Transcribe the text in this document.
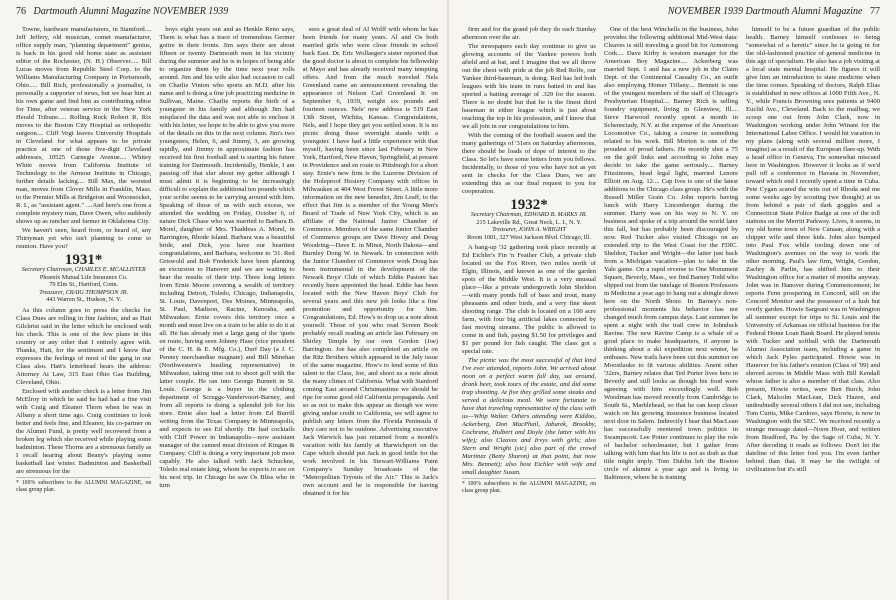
76 Dartmouth Alumni Magazine NOVEMBER 1939

Towne, hardware manufacturers, in Stamford.... Jeff Jeffery, old musician, comet manufacturer, office supply man, "planning department" genius, is back in his good old home state as assistant editor of the Rochester, (N. H.) Observer..... Bill Lucas moves from Republic Steel Corp. to the Williams Manufacturing Company in Portsmouth, Ohio..... Bill Rich, professionally a journalist, is personally a supporter of news, but we hear him at his own game and find him as contributing editor for Time, after veteran service in the New York Herald Tribune..... Rolling Rock Robert R. Rix moves to the Boston City Hospital as orthopedic surgeon.... Cliff Vogt leaves University Hospitals in Cleveland for what appears to be private practice at one of those five-digit Cleveland addresses, 10525 Carnegie Avenue.... Whitey White moves from California Institute of Technology to the Armour Institute in Chicago, further details lacking.... Bill Max, the worsted man, moves from Clover Mills in Franklin, Mass. to the Premier Mills at Bridgeton and Woonsocket, R. I., as "assistant agent." ....And here's one from a complete mystery man, Dave Owen, who suddenly shows up as rancher and farmer in Oklahoma City.

We haven't seen, heard from, or heard of, any Thirtyman yet who isn't planning to come to reunion. Have you?

1931*
Secretary Chairman, CHARLES E. MCALLISTER
Phoenix Mutual Life Insurance Co.
79 Elm St., Hartford, Conn.
Treasurer, CRAIG THOMPSON JR.
443 Warren St., Hudson, N. Y.

As this column goes to press the checks for Class Dues are rolling in fine fashion, and as Hatt Gilchrist said in the letter which he enclosed with his check. This is one of the few plans in this country or any other that I entirely agree with. Thanks, Hatt, for the sentiment and I know that expresses the feelings of most of the gang in our Class also. Hatt's letterhead bears the address: Attorney At Law, 315 East Ohio Gas Building, Cleveland, Ohio.

Enclosed with another check is a letter from Jim McElroy in which he said he had had a fine visit with Craig and Eleanor Thorn when he was in Albany a short time ago. Craig continues to look better and feels fine, and Eleanor, his co-partner on the Alumni Fund, is pretty well recovered from a broken leg which she received while playing some badminton. These Thorns are a strenuous family as I recall hearing about Beany's playing some basketball last winter. Badminton and Basketball are strenuous for the

* 100% subscribers to the ALUMNI MAGAZINE, on class group plan.

boys eight years out and as Henkle Reno says, Them is what has a trace of tremendous Germer goitre in their fronts. Jim says there are about fifteen or twenty Dartmouth men in his vicinity during the summer and he is in hopes of being able to organize them by the time next year rolls around. Jim and his wife also had occasion to call on Charlie Vinton who sports an M.D. after his name and is doing a fine job practicing medicine in Sullivan, Maine. Charlie reports the birth of a youngster in his family and although Jim had misplaced the data and was not able to enclose it with his letter, we hope to be able to give you more of the details on this in the next column. Jim's two youngsters, Helen, 6, and Jimmy, 3, are growing rapidly, and Jimmy in approximate fashion has received his first football and is starting his future training for Dartmouth. Incidentally, Henkle, I am passing off that slur about my getter although I must admit it is beginning to be increasingly difficult to explain the additional ten pounds which your scribe seems to be carrying around with him. Speaking of those of us with such excess, we attended the wedding on Friday, October 6, of nature Dick Chase who was married to Barbara B. Morel, daughter of Mrs. Thaddeus A. Morel, in Barrington, Rhode Island. Barbara was a beautiful bride, and Dick, you have our heartiest congratulations, and Barbara, welcome to '31. Red Griswold and Bob Frederick have been planning an excursion to Hanover and we are waiting to hear the results of their trip. Three long letters from Ernie Moore covering a wealth of territory including Detroit, Toledo, Chicago, Indianapolis, St. Louis, Davenport, Des Moines, Minneapolis, St. Paul, Madison, Racine, Kenosha, and Milwaukee. Ernie covers this territory once a month and must live on a train to be able to do it at all. He has already met a large gang of the 'quets en route, having seen Johnny Hase (vice president of the C. H. & E. Mfg. Co.), Durf Day (a J. C. Penney merchandise magnate) and Bill Minehan (Northwestern's hustling representative) in Milwaukee, taking time out to shoot golf with the latter couple. He ran into George Burnett in St. Louis. George is a buyer in the clothing department of Scruggs-Vandervoort-Barney, and from all reports is doing a splendid job for his store. Ernie also had a letter from Ed Burrill writing from the Texas Company in Minneapolis, and expects to see Ed shortly. He had cocktails with Cliff Power in Indianapolis—now assistant manager of the canned meat division of Kingan & Company. Cliff is doing a very important job most capably. He also talked with Jack Schuckne, Toledo real estate king, whom he expects to see on his next trip. In Chicago he saw Os Bliss who in turn

sees a great deal of Al Wolff with whom he has been friends for many years. Al and Os both married girls who were close friends in school back East. Dr. Eric Wollaeger's sister reported that the good doctor is about to complete his fellowship at Mayo and has already received many tempting offers. And from the much traveled Nels Greenland came an announcement revealing the appearance of Nelson Carl Greenland Jr. on September 6, 1939, weight six pounds and fourteen ounces. Nels' new address is 519 East 13th Street, Wichita, Kansas. Congratulations, Nels, and I hope they get you settled soon. It is no picnic doing these overnight stands with a youngster. I have had a little experience with that myself, having been since last February in New York, Hartford, New Haven, Springfield, at present in Providence and en route to Pittsburgh for a short stay. Ernie's new firm is the Luzerne Division of the Holeproof Hosiery Company with offices in Milwaukee at 404 West Forest Street. A little more information on the new benedict, Jim Leaff, to the effect that Jim is a member of the Young Men's Board of Trade of New York City, which is an affiliate of the National Junior Chamber of Commerce. Members of the same Junior Chamber of Commerce groups are Dave Hovey and Doug Woodring—Dave E. in Minot, North Dakota—and Burnley Dong W. in Newark. In connection with the Junior Chamber of Commerce work Doug has been instrumental in the development of the Newark Boys' Club of which Eddie Pastore has recently been appointed the head. Eddie has been located with the New Haven Boys' Club for several years and this new job looks like a fine promotion and opportunity for him. Congratulations, Ed. How's to drop us a note about yourself. Those of you who read Screen Book probably recall reading an article last February on Shirley Temple by our own Gordon (Joe) Barrington. Joe has also completed an article on the Ritz Brothers which appeared in the July issue of the same magazine. How's to lend some of this talent to the Class, Joe, and shoot us a note about the many climes of California. What with Stanford coming East around Christmastime we should be ripe for some good old California propaganda. And so as not to make this appear as though we were giving undue credit to California, we will agree to publish any letters from the Florida Peninsula if they care not to be outdone. Advertising executive Jack Warwick has just returned from a month's vacation with his family at Harwichport on the Cape which should put Jack in good fettle for the work involved in his Stewart-Williams Paint Company's Sunday broadcasts of the "Metropolitan Tryouts of the Air." This is Jack's own account and he is responsible for having obtained it for his

NOVEMBER 1939 Dartmouth Alumni Magazine 77

firm and for the grand job they do each Sunday afternoon over the air.

The newspapers each day continue to give us glowing accounts of the Yankee powers both afield and at bat, and I imagine that we all throw out the chest with pride at the job Red Rolfe, our Yankee third-baseman, is doing. Red has led both leagues with his team in runs batted in and has sported a batting average of .329 for the season. There is no doubt but that he is the finest third baseman in either league which is just about reaching the top in his profession, and I know that we all join in our congratulations to him.

With the coming of the football season and the many gatherings of '31ers on Saturday afternoons, there should be loads of dope of interest to the Class. So let's have some letters from you fellows. Incidentally, to those of you who have not as yet sent in checks for the Class Dues, we are extending this as our final request to you for cooperation.

1932*
Secretary Chairman, EDWARD B. MARKS JR.
215 Lakeville Rd., Great Neck, L. I., N. Y.
Treasurer, JOHN A. WRIGHT
Room 1001, 327 West Jackson Blvd. Chicago, Ill.

A bang-up '32 gathering took place recently at Ed Eichler's Fin 'n Feather Club, a private club located on the Fox River, two miles north of Elgin, Illinois, and known as one of the garden spots of the Middle West. It is a very unusual place—like a private undergrowth John Sheldon—with many ponds full of bass and trout, many pheasants and other birds, and a very fine skeet shooting range. The club is located on a 100 acre farm, with four big artificial lakes connected by fast moving streams. The public is allowed to come in and fish, paying $1.50 for privileges and $1 per pound for fish caught. The class got a special rate.

The picnic was the most successful of that kind I've ever attended, reports John. We arrived about noon on a perfect warm fall day, sat around, drank beer, took tours of the estate, and did some trap shooting. At five they grilled some steaks and served a delicious meal. We were fortunate to have that traveling representative of the class with us—Whip Walter. Others attending were Kiddoo, Ackerberg, Don MacPhail, Jaburek, Brookby, Cochrane, Hulbert and Doyle (the latter with his wife); also Cleaves and Irvys with girls; also Stern and Wright (sic) also part of the crowd Martinez (Betty Sharon) at that point, but now Mrs. Bennett); also host Eichler with wife and small daughter Susan.

* 100% subscribers to the ALUMNI MAGAZINE, on class group plan.

One of the best Winchells in the business, John provides the following additional Mid-West data: Cleaves is still traveling a good bit for Armstrong Cork.... Dave Kirby is western manager for the American Boy Magazine.... Ackerberg was married Sept. 1 and has a new job in the Claim Dept. of the Continental Casualty Co., an outfit also employing Homer Tiffany.... Bennett is one of the youngest members of the staff of Chicago's Presbyterian Hospital.... Barney Rich is selling foundry equipment, living in Glenview, Ill.... Steve Harwood recently spent a month in Schenectady, N.Y. at the expense of the American Locomotive Co., taking a course in something related to his work. Bill Morton is one of the proudest of proud fathers. He recently shot a 75 on the golf links and according to John may decide to take the game seriously.... Barney Fitzsimons, head legal light, married Lenore Elliott on Aug. 12.... Cap Ives is one of the latest additions to the Chicago class group. He's with the Russell Miller Grain Co. John reports having lunch with Harry Lincenberger during the summer. Harry was on his way to N. Y. on business and spoke of a trip around the world later this fall, but has probably been discouraged by now. Red Tucker also visited Chicago on an extended trip to the West Coast for the FDIC. Sheldon, Tucker and Wright—the latter just back from a Michigan vacation—plan to take in the Yale game. On a rapid reverse to One Monument Square, Beverly, Mass., we find Barney Todd who slipped out from the tutelage of Boston Professors in Medicine a year ago to hang out a shingle down here on the North Shore. In Barney's non-professional moments his behavior has not changed much from campus days. Last summer he spent a night with the trail crew in Johnduck Ravine. The new Ravine Camp is a whale of a good place to make headquarters, if anyone is thinking about a ski expedition next winter, he enthuses. New trails have been cut this summer on Moosilauke to fit various abilities. Anent other '32ers, Barney relates that Ted Porter lives here in Beverly and still looks as though his food were agreeing with him exceedingly well. Bob Woodman has moved recently from Cambridge to South St., Marblehead, so that he can keep closer watch on his growing insurance business located next door in Salem. Indirectly I hear that MacLean has successfully reentered town politics in Swampscott. Lee Potter continues to play the role of bachelor schoolmaster, but I gather from talking with him that his life is not as drab as that title might imply. Tom Dublin left the Boston circle of alumni a year ago and is living in Baltimore, where he is training

himself to be a future guardian of the public health. Barney himself confesses to being "somewhat of a heretic" since he is going in for the old-fashioned practice of general medicine in this age of specialism. He also has a job visiting at a local state mental hospital. He figures it will give him an introduction to state medicine when the time comes. Speaking of doctors, Ralph Elias is established in new offices at 1000 Fifth Ave., N. Y., while Francis Browning sees patients at 9400 Euclid Ave., Cleveland. Back to the mailbag, we scoop one out from John Clark, now in Washington working under John Winant for the International Labor Office. I would hit vacation in my plans (along with several million more, I imagine) as a result of the European flare-up. With a head office in Geneva, I'm somewhat miscued here in Washington. However it looks as if we'd pull off a conference in Havana in November, toward which end I recently spent a time in Cuba. Pete Cygan scared the wits out of Rhoda and me some weeks ago by scouting (we thought) at us from behind a pair of dark goggles and a Connecticut State Police Badge at one of the toll stations on the Merritt Parkway. Lives, it seems, in my old home town of New Canaan, along with a chipper wife and three kids. John also bumped into Paul Fox while tooling down one of Washington's avenues on the way to work the other morning. Paul's law firm, Wright, Gordon, Zachry & Parlin, has shifted him to their Washington office for a matter of months anyway. John was in Hanover during Commencement; he reports Fenn prospering in Concord, still on the Concord Monitor and the possessor of a lush but overly garden. Howie Sargeant was in Washington all summer except for trips to St. Louis and the University of Arkansas on official business for the Federal Home Loan Bank Board. He played tennis with Tucker and softball with the Dartmouth Alumni Association team, including a game in which Jack Pyles participated. Howie was in Hanover for his father's reunion (Class of '99) and shoved across in Middle Mass with Bill Kendall whose father is also a member of that class. Also present, Howie writes, were Ben Burch, John Clark, Malcolm MacLean, Dick Hazen, and undoubtedly several others I did not see, including Tom Curtis, Mike Cardozo, says Howie, is now in Washington with the SEC. We received recently a strange message dated—Noon Hour, and written from Bradford, Pa. by the Sage of Cuba, N. Y. After decoding it reads as follows: Don't let the dateline of this letter fool you. I'm even farther behind than that. It may be the twilight of civilization but it's still
